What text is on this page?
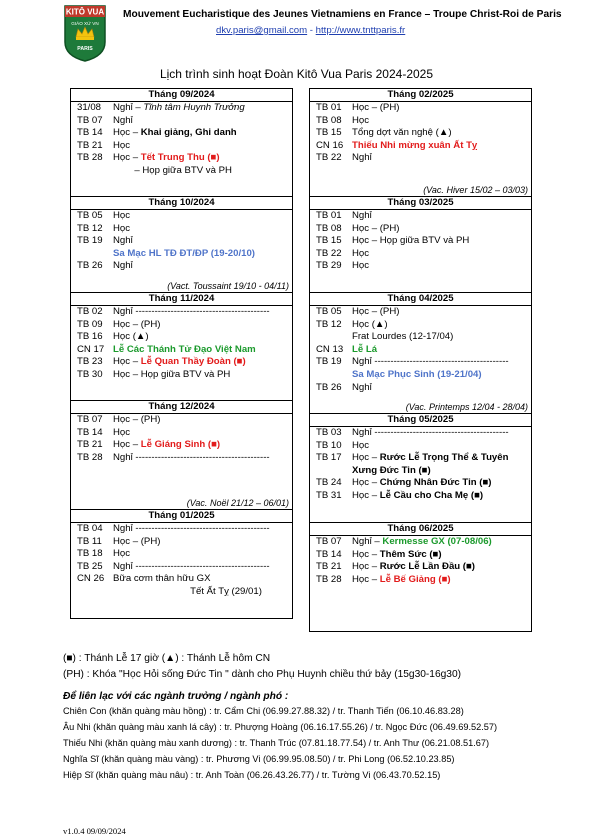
KITÔ VUA
GIÁO XỨ VN
PARIS
Mouvement Eucharistique des Jeunes Vietnamiens en France – Troupe Christ-Roi de Paris
dkv.paris@gmail.com - http://www.tnttparis.fr
Lịch trình sinh hoạt Đoàn Kitô Vua Paris 2024-2025
Tháng 09/2024
31/08	Nghỉ – Tĩnh tâm Huynh Trưởng
TB 07	Nghỉ
TB 14	Học – Khai giảng, Ghi danh
TB 21	Học
TB 28	Học – Tết Trung Thu (■)
– Họp giữa BTV và PH
Tháng 10/2024
TB 05	Học
TB 12	Học
TB 19	Nghỉ
Sa Mạc HL TĐ ĐT/ĐP (19-20/10)
TB 26	Nghỉ
(Vact. Toussaint 19/10 - 04/11)
Tháng 11/2024
TB 02	Nghỉ ------------------------------------------
TB 09	Học – (PH)
TB 16	Học (▲)
CN 17 Lễ Các Thánh Tử Đạo Việt Nam
TB 23	Học – Lễ Quan Thầy Đoàn (■)
TB 30	Học – Họp giữa BTV và PH
Tháng 12/2024
TB 07	Học – (PH)
TB 14	Học
TB 21	Học – Lễ Giáng Sinh (■)
TB 28	Nghỉ ------------------------------------------
(Vac. Noël 21/12 – 06/01)
Tháng 01/2025
TB 04	Nghỉ ------------------------------------------
TB 11	Học – (PH)
TB 18	Học
TB 25	Nghỉ ------------------------------------------
CN 26 Bữa cơm thân hữu GX
Tết Ất Tỵ (29/01)
Tháng 02/2025
TB 01	Học – (PH)
TB 08	Học
TB 15	Tổng dợt văn nghệ (▲)
CN 16 Thiếu Nhi mừng xuân Ất Tỵ
TB 22	Nghỉ
(Vac. Hiver 15/02 – 03/03)
Tháng 03/2025
TB 01	Nghỉ
TB 08	Học – (PH)
TB 15	Học – Họp giữa BTV và PH
TB 22	Học
TB 29	Học
Tháng 04/2025
TB 05	Học – (PH)
TB 12	Học (▲)
Frat Lourdes (12-17/04)
CN 13 Lễ Lá
TB 19	Nghỉ ------------------------------------------
Sa Mạc Phục Sinh (19-21/04)
TB 26	Nghỉ
(Vac. Printemps 12/04 - 28/04)
Tháng 05/2025
TB 03	Nghỉ ------------------------------------------
TB 10	Học
TB 17	Học – Rước Lễ Trọng Thể & Tuyên
Xưng Đức Tin (■)
TB 24	Học – Chứng Nhân Đức Tin (■)
TB 31	Học – Lễ Cầu cho Cha Mẹ (■)
Tháng 06/2025
TB 07	Nghỉ – Kermesse GX (07-08/06)
TB 14	Học – Thêm Sức (■)
TB 21	Học – Rước Lễ Lần Đầu (■)
TB 28	Học – Lễ Bế Giảng (■)
(■) : Thánh Lễ 17 giờ (▲) : Thánh Lễ hôm CN
(PH) : Khóa "Học Hỏi sống Đức Tin " dành cho Phụ Huynh chiều thứ bảy (15g30-16g30)
Để liên lạc với các ngành trưởng / ngành phó :
Chiên Con (khăn quàng màu hồng) : tr. Cẩm Chi (06.99.27.88.32) / tr. Thanh Tiến (06.10.46.83.28)
Âu Nhi (khăn quàng màu xanh lá cây) : tr. Phượng Hoàng (06.16.17.55.26) / tr. Ngọc Đức (06.49.69.52.57)
Thiếu Nhi (khăn quàng màu xanh dương) : tr. Thanh Trúc (07.81.18.77.54) / tr. Anh Thư (06.21.08.51.67)
Nghĩa Sĩ (khăn quàng màu vàng) : tr. Phương Vi (06.99.95.08.50) / tr. Phi Long (06.52.10.23.85)
Hiệp Sĩ (khăn quàng màu nâu) : tr. Anh Toàn (06.26.43.26.77) / tr. Tường Vi (06.43.70.52.15)
v1.0.4 09/09/2024
